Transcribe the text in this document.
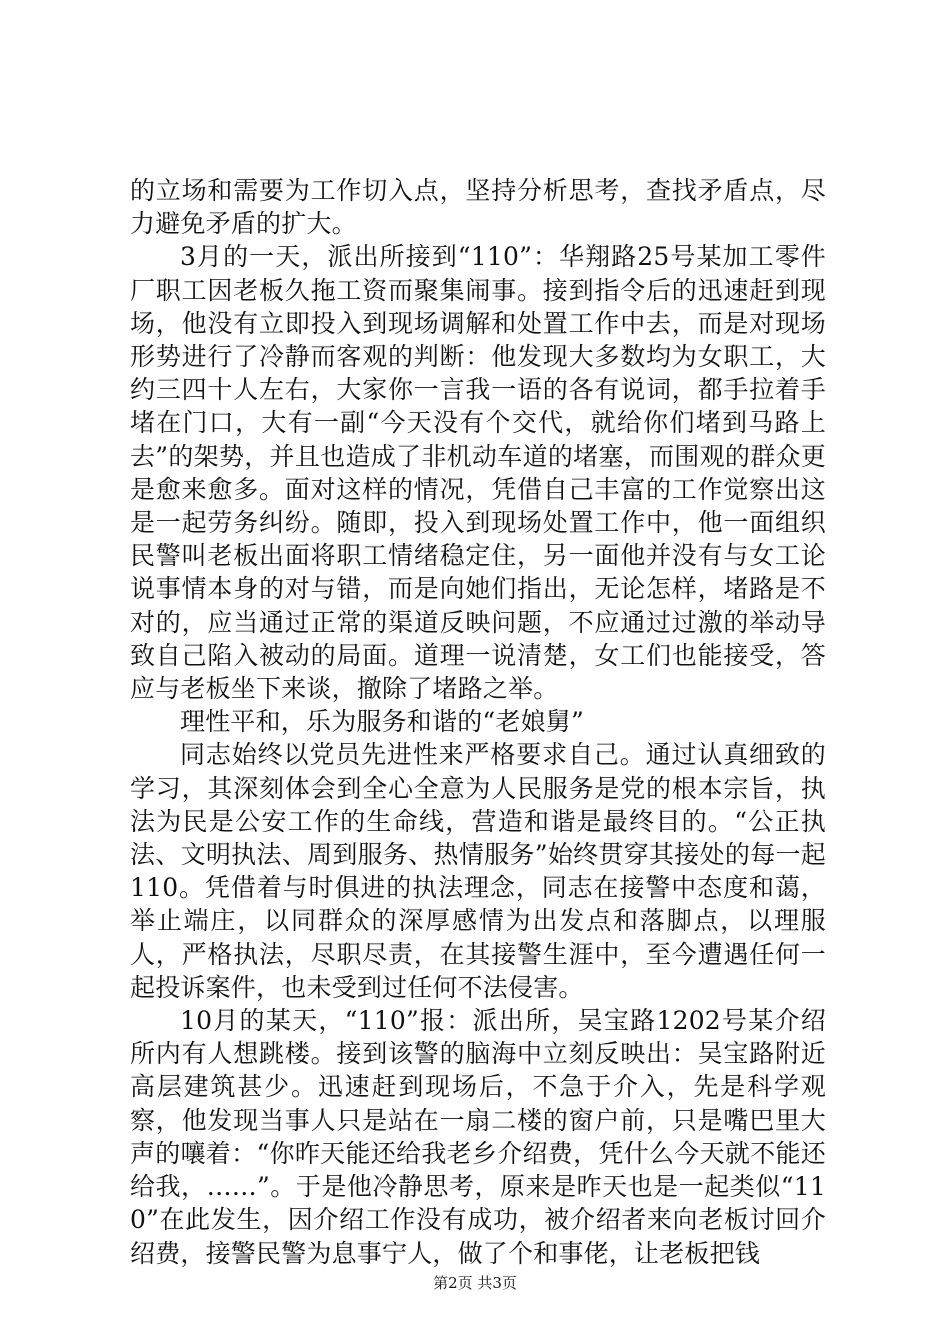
的立场和需要为工作切入点，坚持分析思考，查找矛盾点，尽力避免矛盾的扩大。

3月的一天，派出所接到“110”：华翔路25号某加工零件厂职工因老板久拖工资而聚集闹事。接到指令后的迅速赶到现场，他没有立即投入到现场调解和处置工作中去，而是对现场形势进行了冷静而客观的判断：他发现大多数均为女职工，大约三四十人左右，大家你一言我一语的各有说词，都手拉着手堵在门口，大有一副“今天没有个交代，就给你们堵到马路上去”的架势，并且也造成了非机动车道的堵塞，而围观的群众更是愈来愈多。面对这样的情况，凭借自己丰富的工作觉察出这是一起劳务纠纷。随即，投入到现场处置工作中，他一面组织民警叫老板出面将职工情绪稳定住，另一面他并没有与女工论说事情本身的对与错，而是向她们指出，无论怎样，堵路是不对的，应当通过正常的渠道反映问题，不应通过过激的举动导致自己陷入被动的局面。道理一说清楚，女工们也能接受，答应与老板坐下来谈，撤除了堵路之举。

理性平和，乐为服务和谐的“老娘舅”

同志始终以党员先进性来严格要求自己。通过认真细致的学习，其深刻体会到全心全意为人民服务是党的根本宗旨，执法为民是公安工作的生命线，营造和谐是最终目的。“公正执法、文明执法、周到服务、热情服务”始终贯穿其接处的每一起110。凭借着与时俱进的执法理念，同志在接警中态度和蔼，举止端庄，以同群众的深厚感情为出发点和落脚点，以理服人，严格执法，尽职尽责，在其接警生涯中，至今遭遇任何一起投诉案件，也未受到过任何不法侵害。

10月的某天，“110”报：派出所，吴宝路1202号某介绍所内有人想跳楼。接到该警的脑海中立刻反映出：吴宝路附近高层建筑甚少。迅速赶到现场后，不急于介入，先是科学观察，他发现当事人只是站在一扇二楼的窗户前，只是嘴巴里大声的嚷着：“你昨天能还给我老乡介绍费，凭什么今天就不能还给我，……”。于是他冷静思考，原来是昨天也是一起类似“110”在此发生，因介绍工作没有成功，被介绍者来向老板讨回介绍费，接警民警为息事宁人，做了个和事佬，让老板把钱

第2页 共3页
